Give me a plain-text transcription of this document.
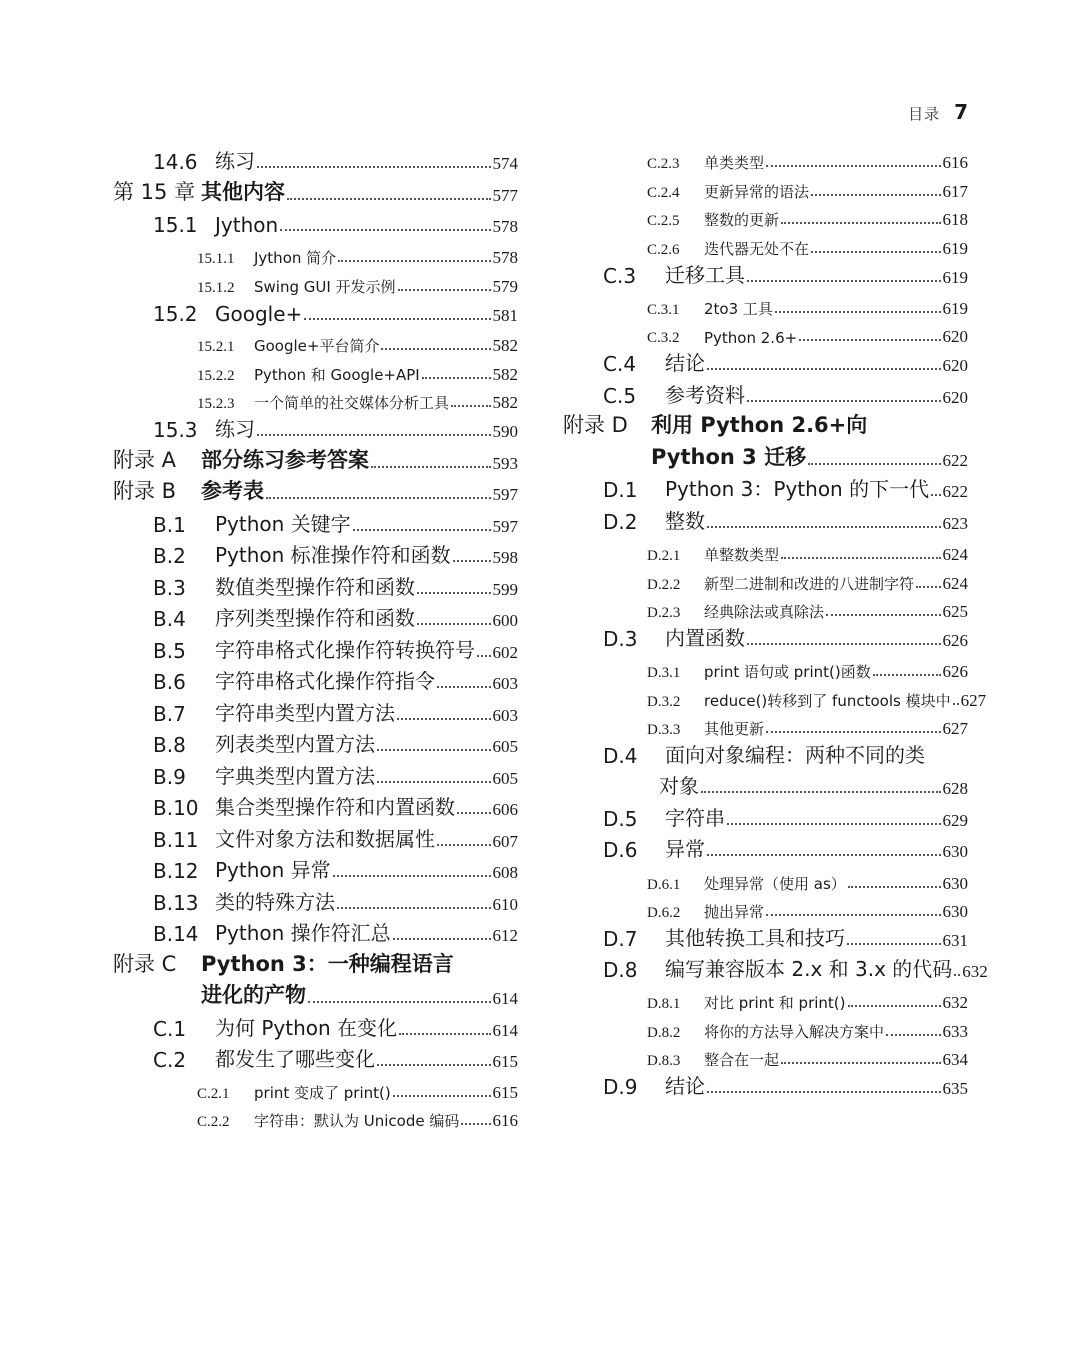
目录 7
14.6 练习	574
第 15 章 其他内容	577
15.1 Jython	578
15.1.1	Jython 简介	578
15.1.2	Swing GUI 开发示例	579
15.2 Google+	581
15.2.1	Google+平台简介	582
15.2.2	Python 和 Google+API	582
15.2.3	一个简单的社交媒体分析工具	582
15.3 练习	590
附录 A	部分练习参考答案	593
附录 B	参考表	597
B.1	Python 关键字	597
B.2	Python 标准操作符和函数 598
B.3	数值类型操作符和函数	599
B.4	序列类型操作符和函数	600
B.5	字符串格式化操作符转换符号 602
B.6	字符串格式化操作符指令	603
B.7	字符串类型内置方法	603
B.8	列表类型内置方法	605
B.9	字典类型内置方法	605
B.10 集合类型操作符和内置函数 606
B.11 文件对象方法和数据属性	607
B.12 Python 异常	608
B.13 类的特殊方法	610
B.14 Python 操作符汇总	612
附录 C	Python 3：一种编程语言
进化的产物	614
C.1	为何 Python 在变化	614
C.2	都发生了哪些变化	615
C.2.1	print 变成了 print()	615
C.2.2	字符串：默认为 Unicode 编码 616
C.2.3	单类类型	616
C.2.4	更新异常的语法	617
C.2.5	整数的更新	618
C.2.6	迭代器无处不在	619
C.3	迁移工具	619
C.3.1	2to3 工具	619
C.3.2	Python 2.6+	620
C.4	结论	620
C.5	参考资料	620
附录 D	利用 Python 2.6+向
Python 3 迁移	622
D.1	Python 3：Python 的下一代 622
D.2	整数	623
D.2.1	单整数类型	624
D.2.2	新型二进制和改进的八进制字符 624
D.2.3	经典除法或真除法	625
D.3	内置函数	626
D.3.1	print 语句或 print()函数	626
D.3.2	reduce()转移到了 functools 模块中 627
D.3.3	其他更新	627
D.4	面向对象编程：两种不同的类
对象	628
D.5	字符串	629
D.6	异常	630
D.6.1	处理异常（使用 as）	630
D.6.2	抛出异常	630
D.7	其他转换工具和技巧	631
D.8	编写兼容版本 2.x 和 3.x 的代码 632
D.8.1	对比 print 和 print()	632
D.8.2	将你的方法导入解决方案中	633
D.8.3	整合在一起	634
D.9	结论	635
